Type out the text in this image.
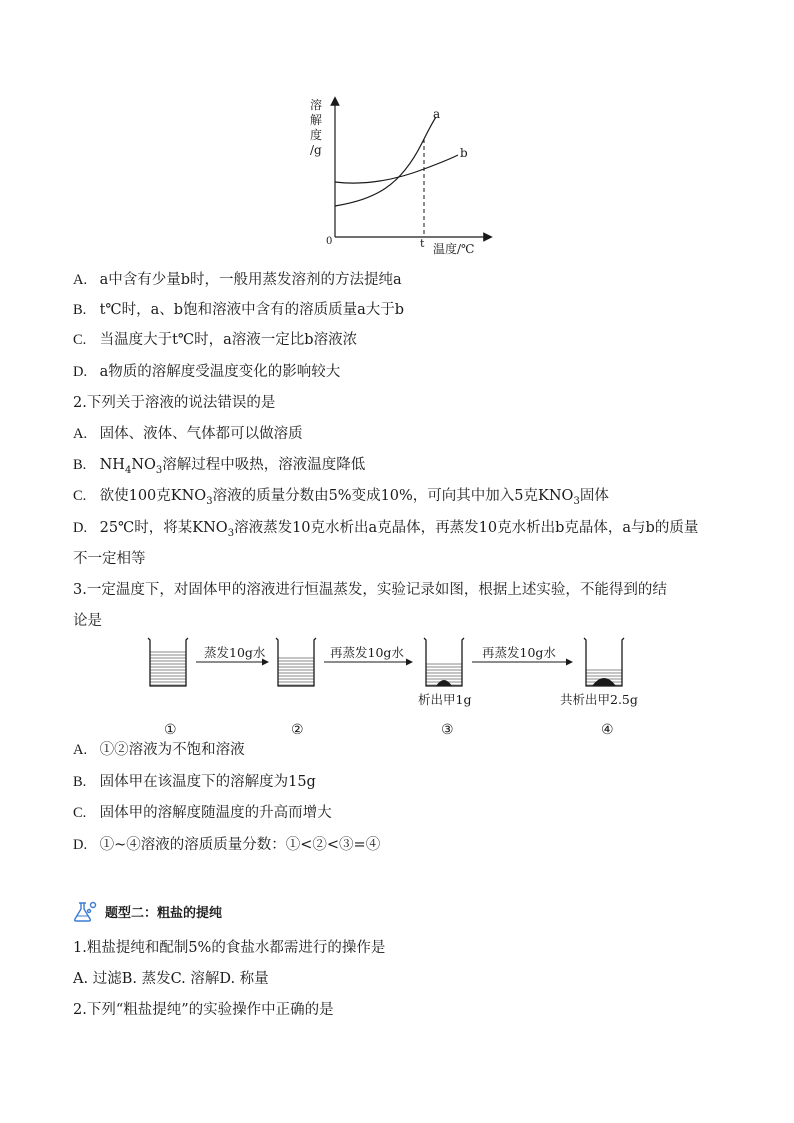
溶
解
度
/g
0	t 温度/℃
a
b
A. a中含有少量b时，一般用蒸发溶剂的方法提纯a
B. t℃时，a、b饱和溶液中含有的溶质质量a大于b
C. 当温度大于t℃时，a溶液一定比b溶液浓
D. a物质的溶解度受温度变化的影响较大
2.下列关于溶液的说法错误的是
A. 固体、液体、气体都可以做溶质
B. $NH_4NO_3$溶解过程中吸热，溶液温度降低
C. 欲使100克$KNO_3$溶液的质量分数由5%变成10%，可向其中加入5克$KNO_3$固体
D. 25℃时，将某$KNO_3$溶液蒸发10克水析出a克晶体，再蒸发10克水析出b克晶体，a与b的质量
不一定相等
3.一定温度下，对固体甲的溶液进行恒温蒸发，实验记录如图，根据上述实验，不能得到的结
论是
蒸发10g水	再蒸发10g水	再蒸发10g水
析出甲1g	共析出甲2.5g
①	②	③	④
A. ①②溶液为不饱和溶液
B. 固体甲在该温度下的溶解度为15g
C. 固体甲的溶解度随温度的升高而增大
D. ①~④溶液的溶质质量分数：①<②<③=④
题型二：粗盐的提纯
1.粗盐提纯和配制5%的食盐水都需进行的操作是
A. 过滤B. 蒸发C. 溶解D. 称量
2.下列“粗盐提纯”的实验操作中正确的是
